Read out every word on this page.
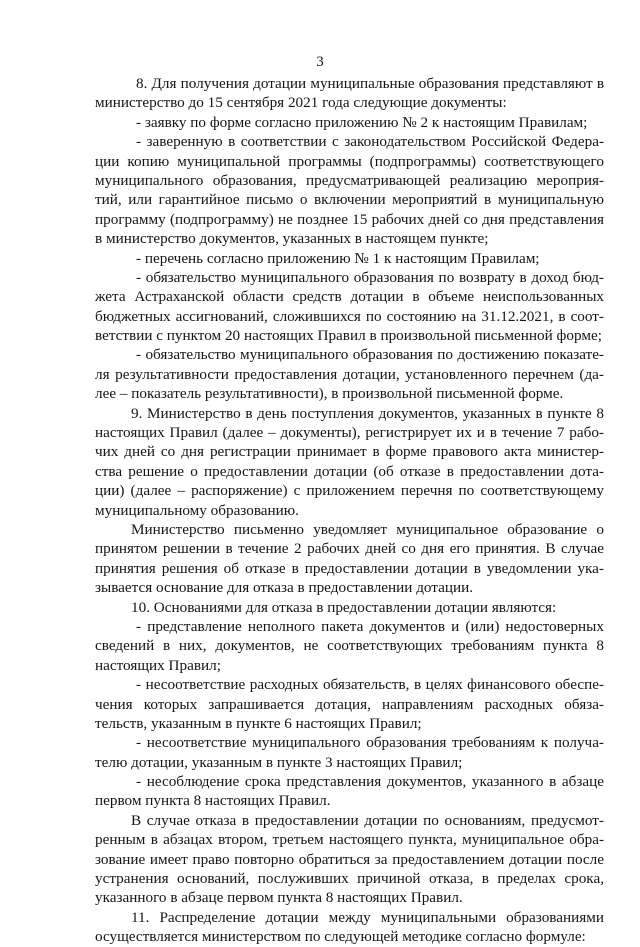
3
8. Для получения дотации муниципальные образования представляют в
министерство до 15 сентября 2021 года следующие документы:
- заявку по форме согласно приложению № 2 к настоящим Правилам;
- заверенную в соответствии с законодательством Российской Федера-
ции копию муниципальной программы (подпрограммы) соответствующего
муниципального образования, предусматривающей реализацию мероприя-
тий, или гарантийное письмо о включении мероприятий в муниципальную
программу (подпрограмму) не позднее 15 рабочих дней со дня представления
в министерство документов, указанных в настоящем пункте;
- перечень согласно приложению № 1 к настоящим Правилам;
- обязательство муниципального образования по возврату в доход бюд-
жета Астраханской области средств дотации в объеме неиспользованных
бюджетных ассигнований, сложившихся по состоянию на 31.12.2021, в соот-
ветствии с пунктом 20 настоящих Правил в произвольной письменной форме;
- обязательство муниципального образования по достижению показате-
ля результативности предоставления дотации, установленного перечнем (да-
лее – показатель результативности), в произвольной письменной форме.
9. Министерство в день поступления документов, указанных в пункте 8
настоящих Правил (далее – документы), регистрирует их и в течение 7 рабо-
чих дней со дня регистрации принимает в форме правового акта министер-
ства решение о предоставлении дотации (об отказе в предоставлении дота-
ции) (далее – распоряжение) с приложением перечня по соответствующему
муниципальному образованию.
Министерство письменно уведомляет муниципальное образование о
принятом решении в течение 2 рабочих дней со дня его принятия. В случае
принятия решения об отказе в предоставлении дотации в уведомлении ука-
зывается основание для отказа в предоставлении дотации.
10. Основаниями для отказа в предоставлении дотации являются:
- представление неполного пакета документов и (или) недостоверных
сведений в них, документов, не соответствующих требованиям пункта 8
настоящих Правил;
- несоответствие расходных обязательств, в целях финансового обеспе-
чения которых запрашивается дотация, направлениям расходных обяза-
тельств, указанным в пункте 6 настоящих Правил;
- несоответствие муниципального образования требованиям к получа-
телю дотации, указанным в пункте 3 настоящих Правил;
- несоблюдение срока представления документов, указанного в абзаце
первом пункта 8 настоящих Правил.
В случае отказа в предоставлении дотации по основаниям, предусмот-
ренным в абзацах втором, третьем настоящего пункта, муниципальное обра-
зование имеет право повторно обратиться за предоставлением дотации после
устранения оснований, послуживших причиной отказа, в пределах срока,
указанного в абзаце первом пункта 8 настоящих Правил.
11. Распределение дотации между муниципальными образованиями
осуществляется министерством по следующей методике согласно формуле:
